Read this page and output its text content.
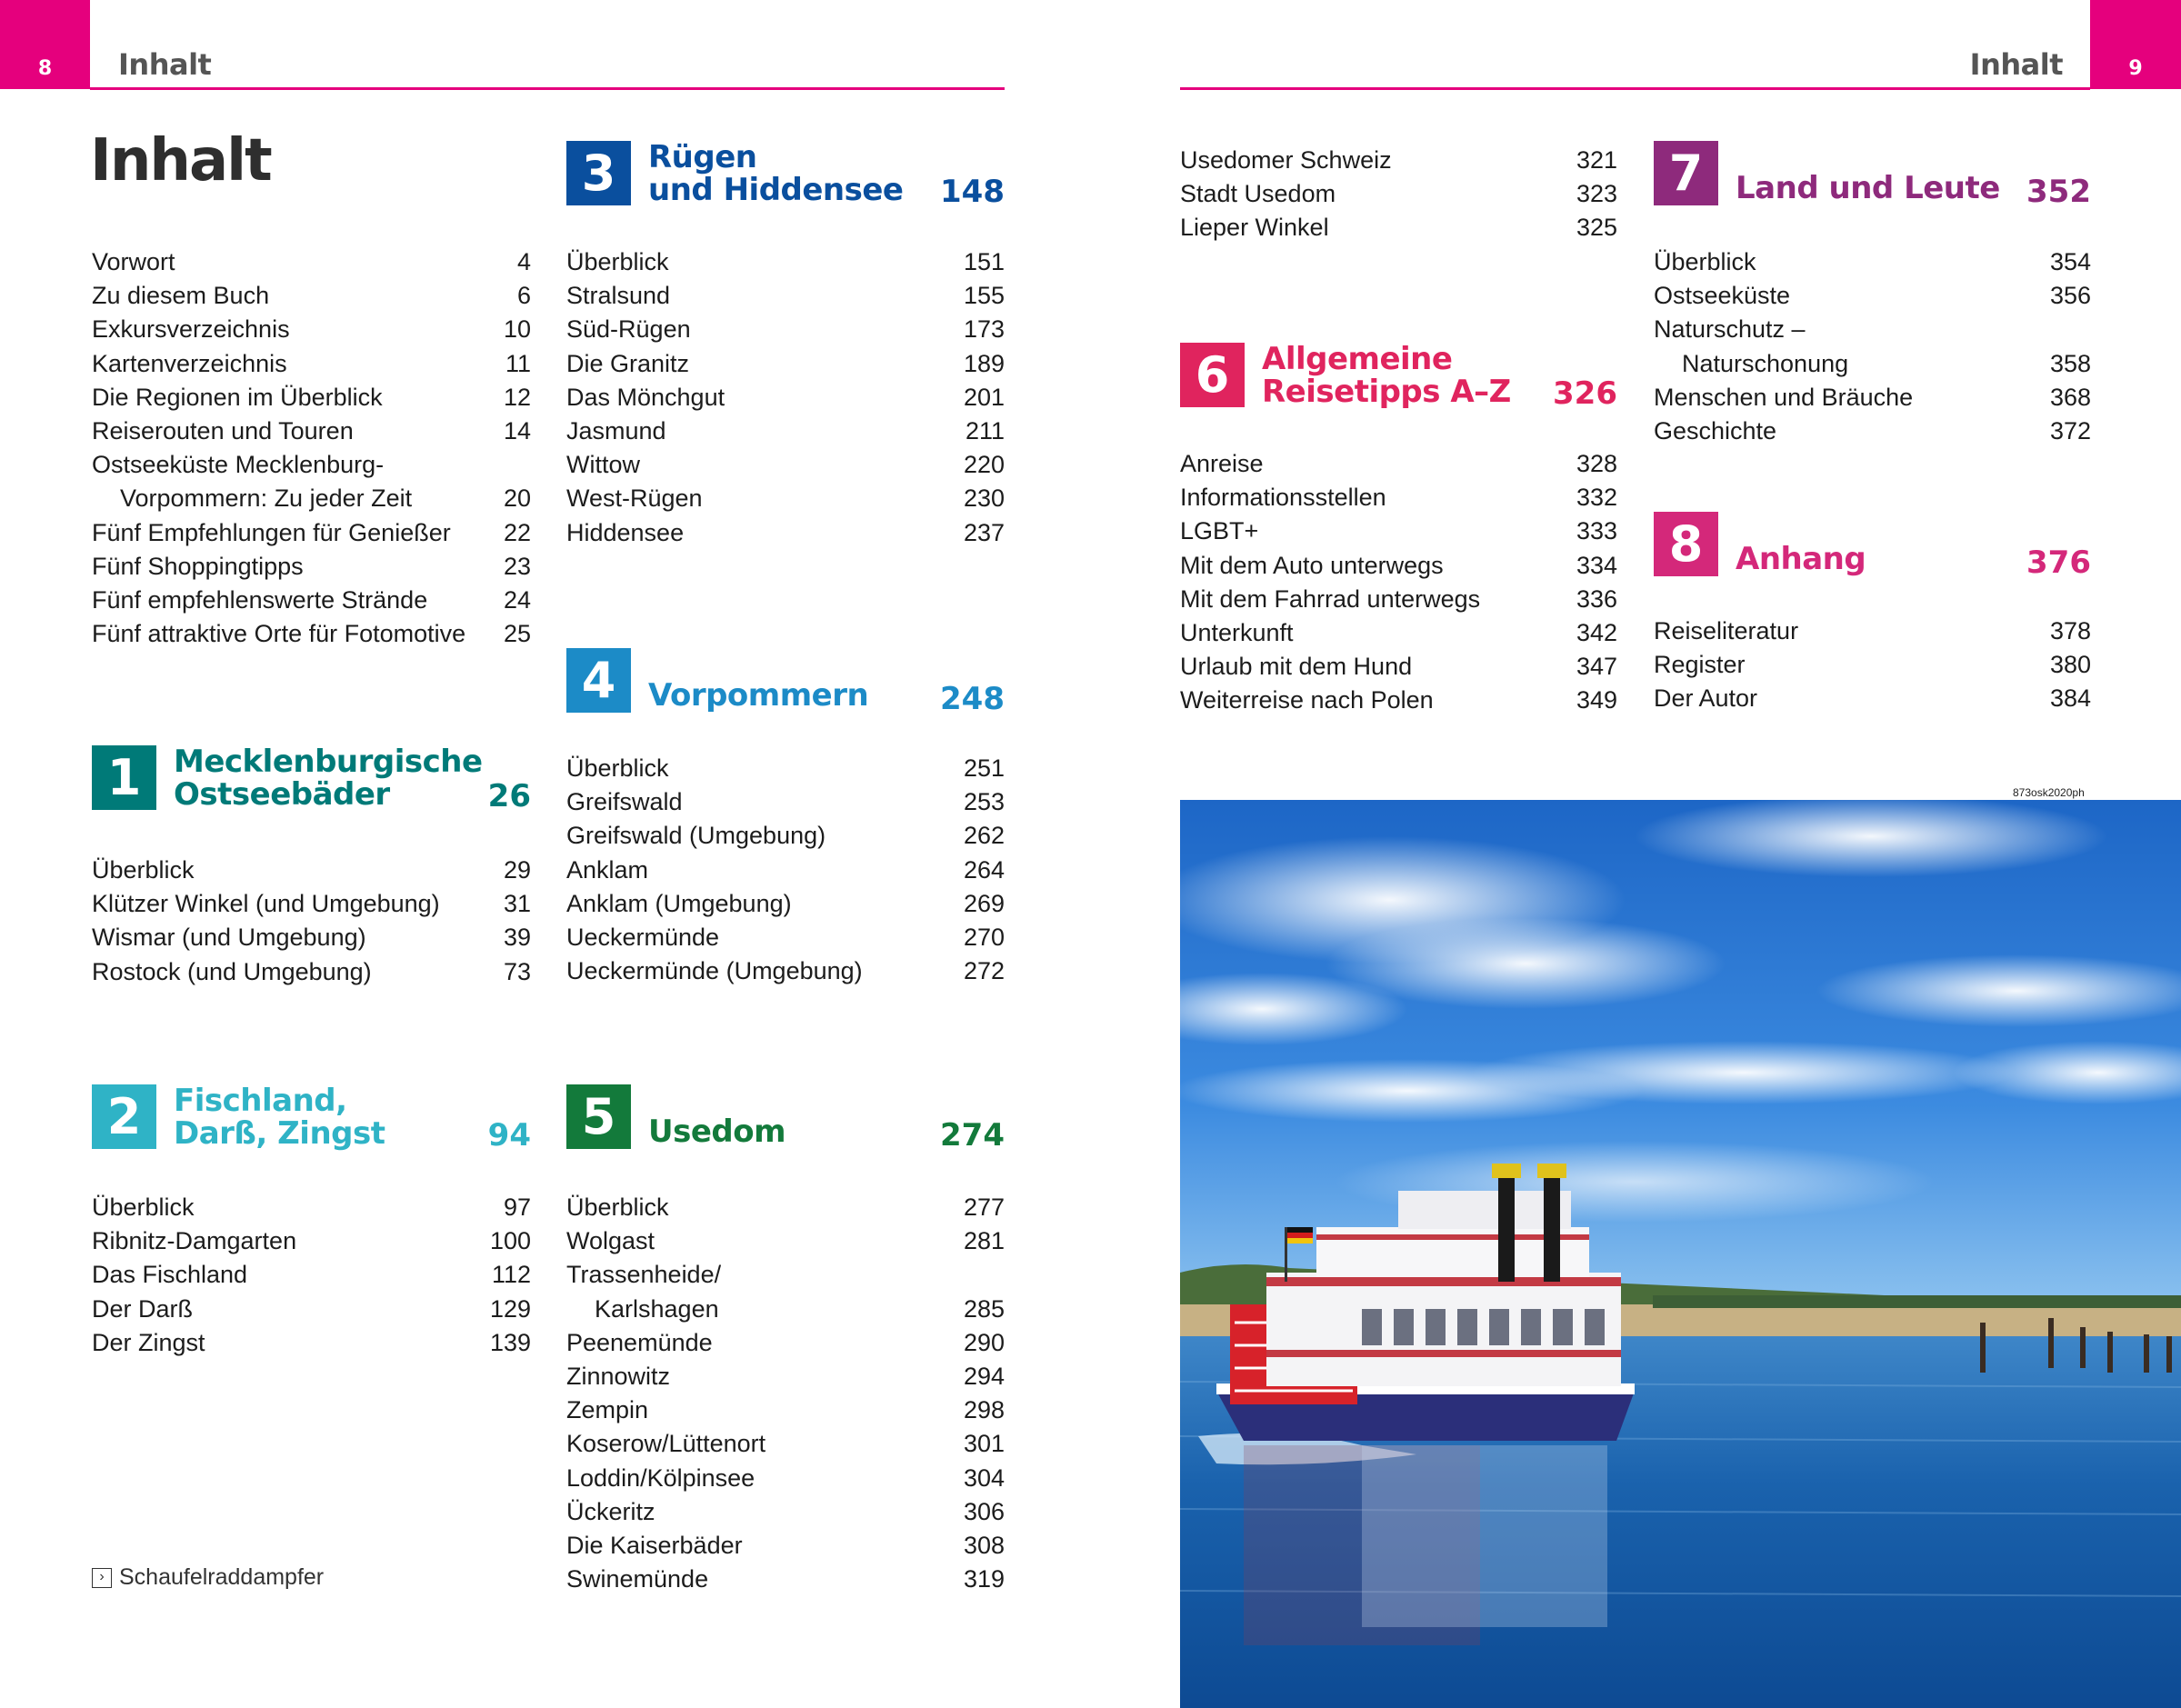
8 Inhalt	9
Inhalt
Inhalt
Vorwort	4
Zu diesem Buch	6
Exkursverzeichnis	10
Kartenverzeichnis	11
Die Regionen im Überblick	12
Reiserouten und Touren	14
Ostseeküste Mecklenburg-
Vorpommern: Zu jeder Zeit	20
Fünf Empfehlungen für Genießer 22
Fünf Shoppingtipps	23
Fünf empfehlenswerte Strände	24
Fünf attraktive Orte für Fotomotive 25
1	Mecklenburgische
Ostseebäder	26
Überblick	29
Klützer Winkel (und Umgebung)	31
Wismar (und Umgebung)	39
Rostock (und Umgebung)	73
2	Fischland,
Darß, Zingst	94
Überblick	97
Ribnitz-Damgarten	100
Das Fischland	112
Der Darß	129
Der Zingst	139
3	Rügen
und Hiddensee 148
Überblick	151
Stralsund	155
Süd-Rügen	173
Die Granitz	189
Das Mönchgut	201
Jasmund	211
Wittow	220
West-Rügen	230
Hiddensee	237
4	Vorpommern 248
Überblick	251
Greifswald	253
Greifswald (Umgebung)	262
Anklam	264
Anklam (Umgebung)	269
Ueckermünde	270
Ueckermünde (Umgebung)	272
5	Usedom	274
Überblick	277
Wolgast	281
Trassenheide/
Karlshagen	285
Peenemünde	290
Zinnowitz	294
Zempin	298
Koserow/Lüttenort	301
Loddin/Kölpinsee	304
Ückeritz	306
Die Kaiserbäder	308
Swinemünde	319
Usedomer Schweiz	321
Stadt Usedom	323
Lieper Winkel	325
6	Allgemeine
Reisetipps A–Z 326
Anreise	328
Informationsstellen	332
LGBT+	333
Mit dem Auto unterwegs	334
Mit dem Fahrrad unterwegs	336
Unterkunft	342
Urlaub mit dem Hund	347
Weiterreise nach Polen	349
7	Land und Leute 352
Überblick	354
Ostseeküste	356
Naturschutz –
Naturschonung	358
Menschen und Bräuche	368
Geschichte	372
8	Anhang	376
Reiseliteratur	378
Register	380
Der Autor	384
› Schaufelraddampfer
873osk2020ph
